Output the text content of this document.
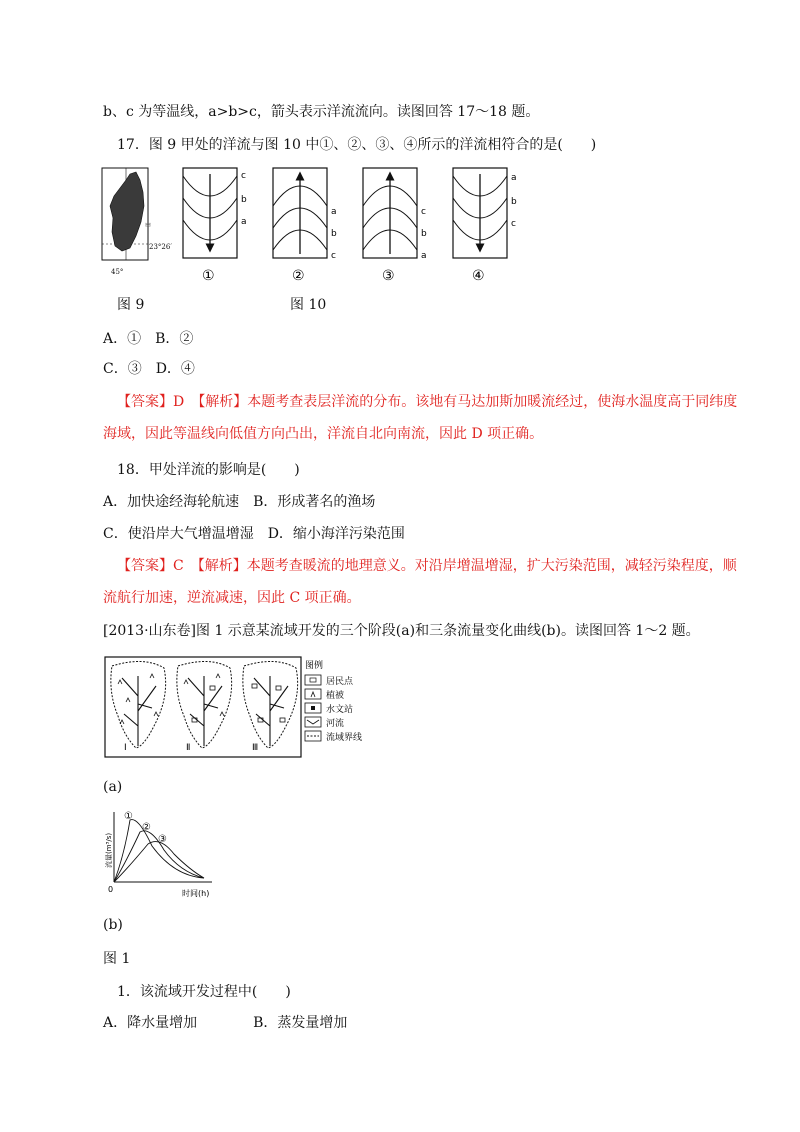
b、c 为等温线，a>b>c，箭头表示洋流流向。读图回答 17～18 题。
17．图 9 甲处的洋流与图 10 中①、②、③、④所示的洋流相符合的是(　　)
甲
23°26′
45°
c
b
a
a
b
c
c
b
a
a
b
c
①	②	③	④
图 9	图 10
A．①　B．②
C．③　D．④
【答案】D　【解析】本题考查表层洋流的分布。该地有马达加斯加暖流经过，使海水温度高于同纬度
海域，因此等温线向低值方向凸出，洋流自北向南流，因此 D 项正确。
18．甲处洋流的影响是(　　)
A．加快途经海轮航速　B．形成著名的渔场
C．使沿岸大气增温增湿　D．缩小海洋污染范围
【答案】C　【解析】本题考查暖流的地理意义。对沿岸增温增湿，扩大污染范围，减轻污染程度，顺
流航行加速，逆流减速，因此 C 项正确。
[2013·山东卷]图 1 示意某流域开发的三个阶段(a)和三条流量变化曲线(b)。读图回答 1～2 题。
Ⅰ	Ⅱ	Ⅲ
图例
居民点
植被
水文站
河流
流域界线
(a)
①
②
③
0	时间(h)
流量(m³/s)
(b)
图 1
1．该流域开发过程中(　　)
A．降水量增加　　　　B．蒸发量增加
